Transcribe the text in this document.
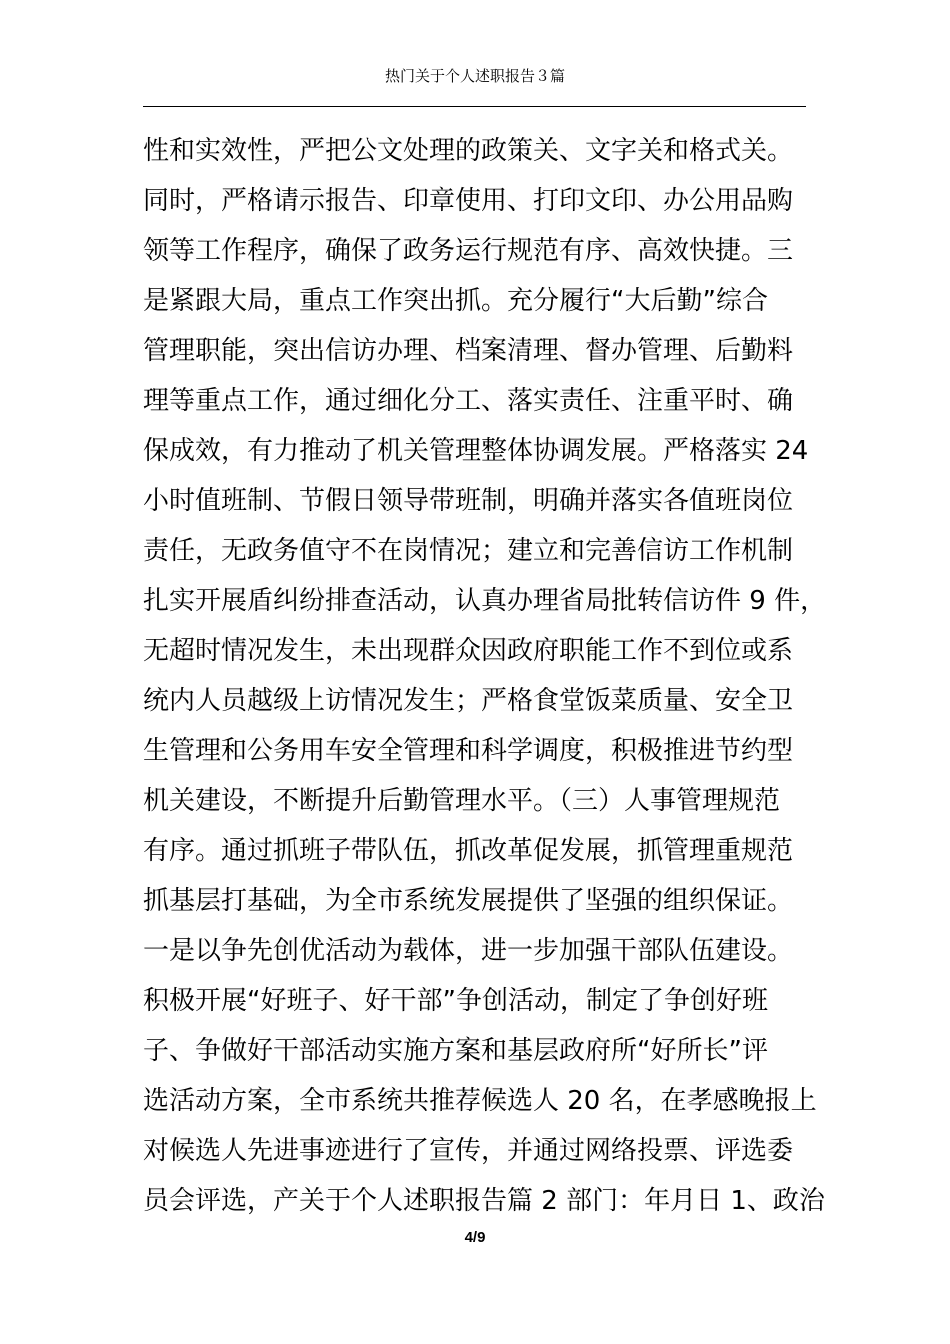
热门关于个人述职报告３篇
性和实效性，严把公文处理的政策关、文字关和格式关。
同时，严格请示报告、印章使用、打印文印、办公用品购
领等工作程序，确保了政务运行规范有序、高效快捷。三
是紧跟大局，重点工作突出抓。充分履行“大后勤”综合
管理职能，突出信访办理、档案清理、督办管理、后勤料
理等重点工作，通过细化分工、落实责任、注重平时、确
保成效，有力推动了机关管理整体协调发展。严格落实 24
小时值班制、节假日领导带班制，明确并落实各值班岗位
责任，无政务值守不在岗情况；建立和完善信访工作机制
扎实开展盾纠纷排查活动，认真办理省局批转信访件 9 件，
无超时情况发生，未出现群众因政府职能工作不到位或系
统内人员越级上访情况发生；严格食堂饭菜质量、安全卫
生管理和公务用车安全管理和科学调度，积极推进节约型
机关建设，不断提升后勤管理水平。（三）人事管理规范
有序。通过抓班子带队伍，抓改革促发展，抓管理重规范
抓基层打基础，为全市系统发展提供了坚强的组织保证。
一是以争先创优活动为载体，进一步加强干部队伍建设。
积极开展“好班子、好干部”争创活动，制定了争创好班
子、争做好干部活动实施方案和基层政府所“好所长”评
选活动方案，全市系统共推荐候选人 20 名，在孝感晚报上
对候选人先进事迹进行了宣传，并通过网络投票、评选委
员会评选，产关于个人述职报告篇 2 部门：年月日 1、政治
4/9
